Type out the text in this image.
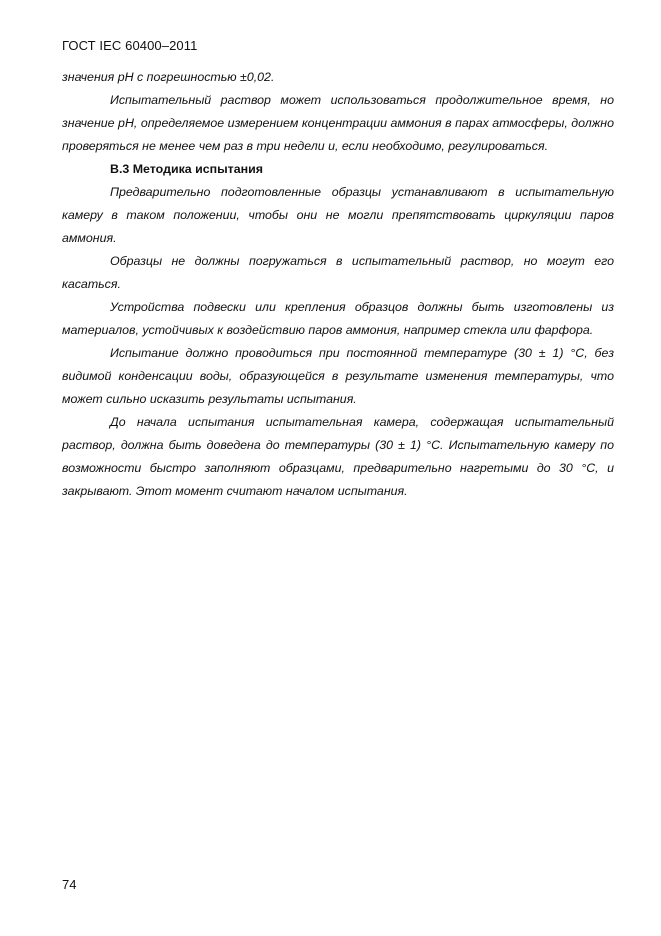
ГОСТ IEC 60400–2011

значения pH с погрешностью ±0,02.

Испытательный раствор может использоваться продолжительное время, но значение pH, определяемое измерением концентрации аммония в парах атмосферы, должно проверяться не менее чем раз в три недели и, если необходимо, регулироваться.

В.3 Методика испытания

Предварительно подготовленные образцы устанавливают в испытательную камеру в таком положении, чтобы они не могли препятствовать циркуляции паров аммония.

Образцы не должны погружаться в испытательный раствор, но могут его касаться.

Устройства подвески или крепления образцов должны быть изготовлены из материалов, устойчивых к воздействию паров аммония, например стекла или фарфора.

Испытание должно проводиться при постоянной температуре (30 ± 1) °С, без видимой конденсации воды, образующейся в результате изменения температуры, что может сильно исказить результаты испытания.

До начала испытания испытательная камера, содержащая испытательный раствор, должна быть доведена до температуры (30 ± 1) °С. Испытательную камеру по возможности быстро заполняют образцами, предварительно нагретыми до 30 °С, и закрывают. Этот момент считают началом испытания.

74
